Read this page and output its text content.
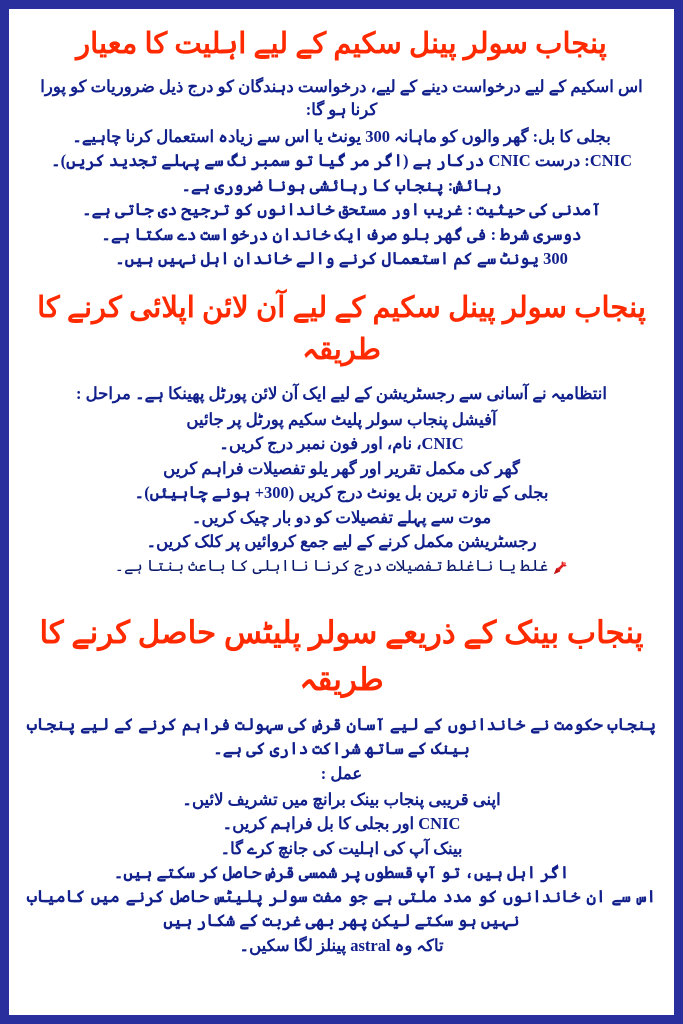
پنجاب سولر پینل سکیم کے لیے اہلیت کا معیار

اس اسکیم کے لیے درخواست دینے کے لیے، درخواست دہندگان کو درج ذیل ضروریات کو پورا کرنا ہو گا:

بجلی کا بل: گھر والوں کو ماہانہ 300 یونٹ یا اس سے زیادہ استعمال کرنا چاہیے۔

CNIC: درست CNIC درکار ہے (اگر مر گیا تو سمبر نگ سے پہلے تجدید کریں)۔

رہائش: پنجاب کا رہائشی ہونا ضروری ہے۔

آمدنی کی حیثیت : غریب اور مستحق خاندانوں کو ترجیح دی جاتی ہے۔

دوسری شرط : فی گھر بلو صرف ایک خاندان درخواست دے سکتا ہے۔

300 یونٹ سے کم استعمال کرنے والے خاندان اہل نہیں ہیں۔

پنجاب سولر پینل سکیم کے لیے آن لائن اپلائی کرنے کا طریقہ

انتظامیہ نے آسانی سے رجسٹریشن کے لیے ایک آن لائن پورٹل پھینکا ہے۔ مراحل :

آفیشل پنجاب سولر پلیٹ سکیم پورٹل پر جائیں

CNIC، نام، اور فون نمبر درج کریں۔

گھر کی مکمل تقریر اور گھر یلو تفصیلات فراہم کریں

بجلی کے تازہ ترین بل یونٹ درج کریں (300+ ہونے چاہیئں)۔

موت سے پہلے تفصیلات کو دو بار چیک کریں۔

رجسٹریشن مکمل کرنے کے لیے جمع کروائیں پر کلک کریں۔

غلط یا ناغلط تفصیلات درج کرنا نااہلی کا باعث بنتا ہے۔
پنجاب بینک کے ذریعے سولر پلیٹس حاصل کرنے کا طریقہ

پنجاب حکومت نے خاندانوں کے لیے آسان قرض کی سہولت فراہم کرنے کے لیے پنجاب بینک کے ساتھ شراکت داری کی ہے۔

عمل :

اپنی قریبی پنجاب بینک برانچ میں تشریف لائیں۔

CNIC اور بجلی کا بل فراہم کریں۔

بینک آپ کی اہلیت کی جانچ کرے گا۔

اگر اہل ہیں، تو آپ قسطوں پر شمسی قرض حاصل کر سکتے ہیں۔

اس سے ان خاندانوں کو مدد ملتی ہے جو مفت سولر پلیٹس حاصل کرنے میں کامیاب نہیں ہو سکتے لیکن پھر بھی غربت کے شکار ہیں

تاکہ وہ astral پینلز لگا سکیں۔
